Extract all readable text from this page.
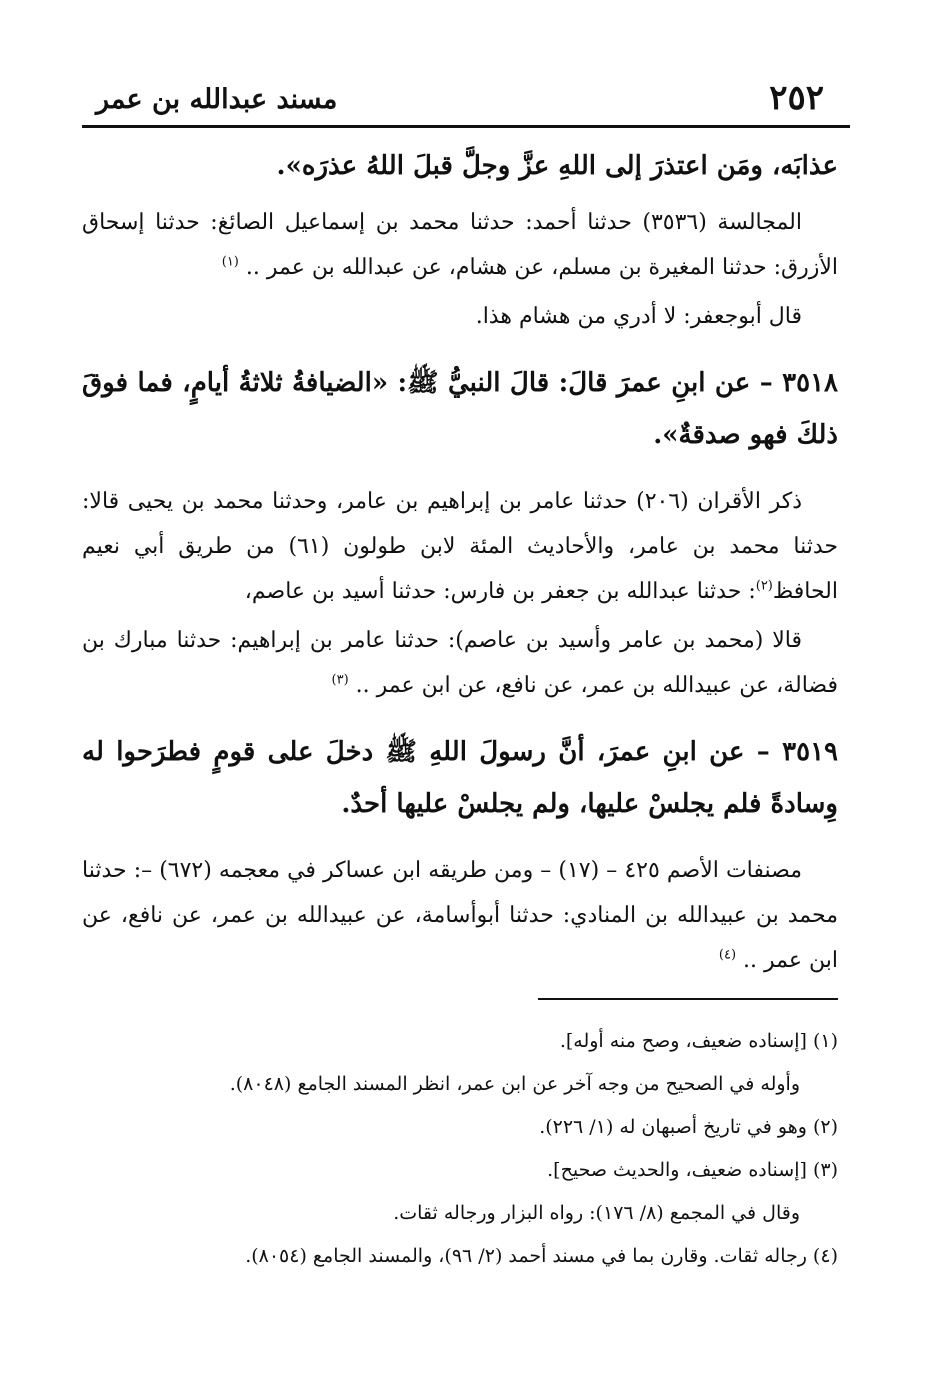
٢٥٢
مسند عبدالله بن عمر

عذابَه، ومَن اعتذرَ إلى اللهِ عزَّ وجلَّ قبلَ اللهُ عذرَه».

المجالسة (٣٥٣٦) حدثنا أحمد: حدثنا محمد بن إسماعيل الصائغ: حدثنا إسحاق الأزرق: حدثنا المغيرة بن مسلم، عن هشام، عن عبدالله بن عمر .. $^{(١)}$

قال أبوجعفر: لا أدري من هشام هذا.

٣٥١٨ – عن ابنِ عمرَ قالَ: قالَ النبيُّ ﷺ: «الضيافةُ ثلاثةُ أيامٍ، فما فوقَ ذلكَ فهو صدقةٌ».

ذكر الأقران (٢٠٦) حدثنا عامر بن إبراهيم بن عامر، وحدثنا محمد بن يحيى قالا: حدثنا محمد بن عامر، والأحاديث المئة لابن طولون (٦١) من طريق أبي نعيم الحافظ$^{(٢)}$: حدثنا عبدالله بن جعفر بن فارس: حدثنا أسيد بن عاصم،

قالا (محمد بن عامر وأسيد بن عاصم): حدثنا عامر بن إبراهيم: حدثنا مبارك بن فضالة، عن عبيدالله بن عمر، عن نافع، عن ابن عمر .. $^{(٣)}$

٣٥١٩ – عن ابنِ عمرَ، أنَّ رسولَ اللهِ ﷺ دخلَ على قومٍ فطرَحوا له وِسادةً فلم يجلسْ عليها، ولم يجلسْ عليها أحدٌ.

مصنفات الأصم ٤٢٥ – (١٧) – ومن طريقه ابن عساكر في معجمه (٦٧٢) –: حدثنا محمد بن عبيدالله بن المنادي: حدثنا أبوأسامة، عن عبيدالله بن عمر، عن نافع، عن ابن عمر .. $^{(٤)}$

(١) [إسناده ضعيف، وصح منه أوله].

وأوله في الصحيح من وجه آخر عن ابن عمر، انظر المسند الجامع (٨٠٤٨).

(٢) وهو في تاريخ أصبهان له (١/ ٢٢٦).

(٣) [إسناده ضعيف، والحديث صحيح].

وقال في المجمع (٨/ ١٧٦): رواه البزار ورجاله ثقات.

(٤) رجاله ثقات. وقارن بما في مسند أحمد (٢/ ٩٦)، والمسند الجامع (٨٠٥٤).
